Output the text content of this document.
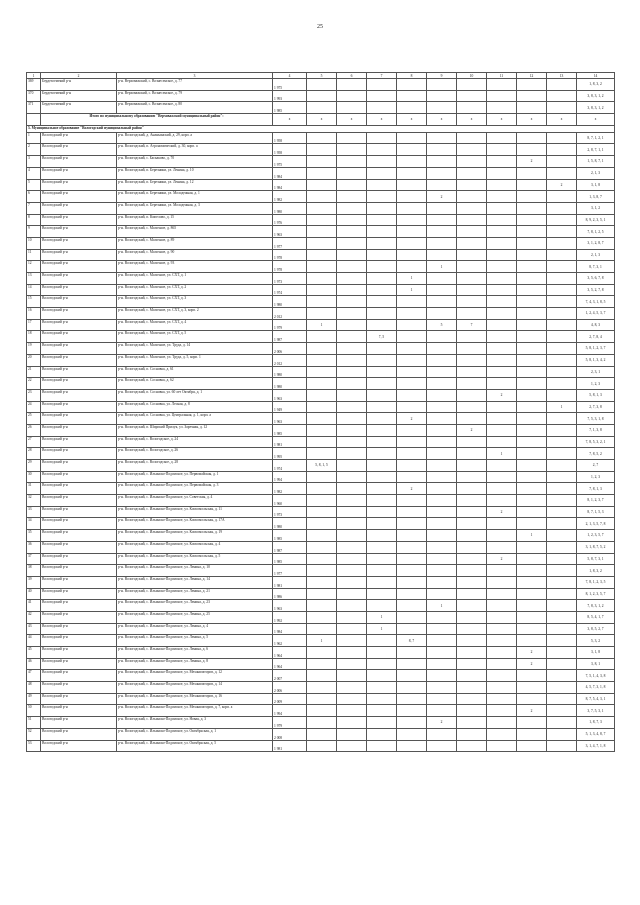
25
1	2	3	4	5	6	7	8	9	10	11	12	13	14	
369	Бердезоемекий р-н	р-н. Верховажский, с. Вознесенское, д. 77	1 975										1, 8, 3, 2	
370	Бердезоемекий р-н	р-н. Верховажский, с. Вознесенское, д. 79	1 993										3, 8, 3, 1, 2	
371	Бердезоемекий р-н	р-н. Верховажский, с. Вознесенское, д. 80	1 985										3, 8, 3, 1, 2	
	Итого по муниципальному образованию "Верховажский муниципальный район":		х	х	х	х	х	х	х	х	х	х	х	
5. Муниципальное образование "Вологодский муниципальный район"														
1	Вологодский р-н	р-н. Вологодский, д. Ананьинский, д. 29, корп. а	1 958										8, 7, 1, 2, 1	
2	Вологодский р-н	р-н. Вологодский, п. Агрономический, д. 30, корп. а	1 958										2, 8, 7, 1, 1	
3	Вологодский р-н	р-н. Вологодский, с. Баскаково, д. 70	1 975								2		1, 5, 8, 7, 1	
4	Вологодский р-н	р-н. Вологодский, п. Березники, ул. Ленина, д. 10	1 984										2, 1, 3	
5	Вологодский р-н	р-н. Вологодский, п. Березники, ул. Ленина, д. 12	1 984									2	3, 1, 8	
6	Вологодский р-н	р-н. Вологодский, п. Березники, ул. Молодежная, д. 1	1 982					2					1, 3, 8, 7	
7	Вологодский р-н	р-н. Вологодский, п. Березники, ул. Молодежная, д. 3	1 980										3, 1, 2	
8	Вологодский р-н	р-н. Вологодский, п. Кипелово, д. 15	1 976										8, 9, 2, 3, 5, 1	
9	Вологодский р-н	р-н. Вологодский, с. Молочное, д. 865	1 963										7, 8, 1, 2, 5	
10	Вологодский р-н	р-н. Вологодский, с. Молочное, д. 89	1 977										3, 1, 2, 8, 7	
11	Вологодский р-н	р-н. Вологодский, с. Молочное, д. 90	1 978										2, 1, 3	
12	Вологодский р-н	р-н. Вологодский, с. Молочное, д. 93	1 978					1					8, 7, 3, 1	
13	Вологодский р-н	р-н. Вологодский, с. Молочное, ул. СХТ, д. 1	1 973				1						3, 5, 6, 7, 8	
14	Вологодский р-н	р-н. Вологодский, с. Молочное, ул. СХТ, д. 2	1 974				1						3, 5, 2, 7, 8	
15	Вологодский р-н	р-н. Вологодский, с. Молочное, ул. СХТ, д. 3	1 980										7, 4, 3, 1, 8, 5	
16	Вологодский р-н	р-н. Вологодский, с. Молочное, ул. СХТ, д. 3, корп. 2	2 012										1, 2, 4, 5, 3, 7	
17	Вологодский р-н	р-н. Вологодский, с. Молочное, ул. СХТ, д. 4	1 979	1				5	7				4, 8, 3	
18	Вологодский р-н	р-н. Вологодский, с. Молочное, ул. СХТ, д. 5	1 987			7, 5							2, 7, 8, 4	
19	Вологодский р-н	р-н. Вологодский, с. Молочное, ул. Труда, д. 14	2 006										5, 8, 1, 2, 3, 7	
20	Вологодский р-н	р-н. Вологодский, с. Молочное, ул. Труда, д. 5, корп. 1	2 012										5, 8, 1, 3, 4, 2	
21	Вологодский р-н	р-н. Вологодский, п. Сосновка, д. 61	1 980										2, 3, 1	
22	Вологодский р-н	р-н. Вологодский, п. Сосновка, д. 62	1 980										1, 2, 3	
23	Вологодский р-н	р-н. Вологодский, п. Сосновка, ул. 60 лет Октября, д. 1	1 963							2			5, 8, 1, 3	
24	Вологодский р-н	р-н. Вологодский, п. Сосновка, ул. Лесная, д. 8	1 949									1	2, 7, 3, 8	
25	Вологодский р-н	р-н. Вологодский, п. Сосновка, ул. Центральная, д. 1, корп. а	1 963				2						7, 5, 3, 1, 8	
26	Вологодский р-н	р-н. Вологодский, п. Широкий Прилук, ул. Заречная, д. 12	1 985						2				7, 1, 3, 8	
27	Вологодский р-н	р-н. Вологодский, с. Вологодское, д. 24	1 981										7, 8, 5, 3, 2, 1	
28	Вологодский р-н	р-н. Вологодский, с. Вологодское, д. 26	1 995							1			7, 8, 5, 2	
29	Вологодский р-н	р-н. Вологодский, с. Вологодское, д. 28	1 974	5, 8, 1, 5									2, 7	
30	Вологодский р-н	р-н. Вологодский, с. Ильинско-Подомское, ул. Первомайская, д. 1	1 994										1, 2, 3	
31	Вологодский р-н	р-н. Вологодский, с. Ильинско-Подомское, ул. Первомайская, д. 3	1 982				2						7, 8, 1, 3	
32	Вологодский р-н	р-н. Вологодский, с. Ильинско-Подомское, ул. Советская, д. 4	1 960										8, 1, 2, 3, 7	
33	Вологодский р-н	р-н. Вологодский, с. Ильинско-Подомское, ул. Комсомольская, д. 11	1 973							2			8, 7, 1, 5, 3	
34	Вологодский р-н	р-н. Вологодский, с. Ильинско-Подомское, ул. Комсомольская, д. 17А	1 980										2, 1, 3, 5, 7, 8	
35	Вологодский р-н	р-н. Вологодский, с. Ильинско-Подомское, ул. Комсомольская, д. 19	1 985								1		1, 2, 3, 5, 7	
36	Вологодский р-н	р-н. Вологодский, с. Ильинско-Подомское, ул. Комсомольская, д. 4	1 987										3, 1, 8, 7, 5, 2	
37	Вологодский р-н	р-н. Вологодский, с. Ильинско-Подомское, ул. Комсомольская, д. 5	1 985							2			5, 8, 7, 3, 1	
38	Вологодский р-н	р-н. Вологодский, с. Ильинско-Подомское, ул. Ленина, д. 10	1 977										1, 8, 3, 2	
39	Вологодский р-н	р-н. Вологодский, с. Ильинско-Подомское, ул. Ленина, д. 14	1 981										7, 8, 1, 2, 3, 5	
40	Вологодский р-н	р-н. Вологодский, с. Ильинско-Подомское, ул. Ленина, д. 21	1 986										8, 1, 2, 3, 5, 7	
41	Вологодский р-н	р-н. Вологодский, с. Ильинско-Подомское, ул. Ленина, д. 23	1 963					1					7, 8, 3, 1, 2	
42	Вологодский р-н	р-н. Вологодский, с. Ильинско-Подомское, ул. Ленина, д. 25	1 992			1							8, 5, 4, 1, 7	
43	Вологодский р-н	р-н. Вологодский, с. Ильинско-Подомское, ул. Ленина, д. 4	1 984			1							3, 8, 5, 2, 7	
44	Вологодский р-н	р-н. Вологодский, с. Ильинско-Подомское, ул. Ленина, д. 5	1 962	1			8, 7						5, 3, 2	
45	Вологодский р-н	р-н. Вологодский, с. Ильинско-Подомское, ул. Ленина, д. 6	1 964								2		3, 1, 8	
46	Вологодский р-н	р-н. Вологодский, с. Ильинско-Подомское, ул. Ленина, д. 8	1 964								2		3, 8, 1	
47	Вологодский р-н	р-н. Вологодский, с. Ильинско-Подомское, ул. Механизаторов, д. 12	2 007										7, 5, 1, 4, 3, 8	
48	Вологодский р-н	р-н. Вологодский, с. Ильинско-Подомское, ул. Механизаторов, д. 14	2 006										4, 5, 7, 3, 1, 8	
49	Вологодский р-н	р-н. Вологодский, с. Ильинско-Подомское, ул. Механизаторов, д. 16	2 009										8, 7, 5, 4, 3, 1	
50	Вологодский р-н	р-н. Вологодский, с. Ильинско-Подомское, ул. Механизаторов, д. 7, корп. а	1 994								2		3, 7, 5, 3, 1	
51	Вологодский р-н	р-н. Вологодский, с. Ильинско-Подомское, ул. Новая, д. 3	1 979					2					1, 8, 7, 3	
52	Вологодский р-н	р-н. Вологодский, с. Ильинско-Подомское, ул. Октябрьская, д. 1	2 008										5, 1, 3, 4, 8, 7	
53	Вологодский р-н	р-н. Вологодский, с. Ильинско-Подомское, ул. Октябрьская, д. 5	1 981										3, 1, 4, 7, 1, 8	
